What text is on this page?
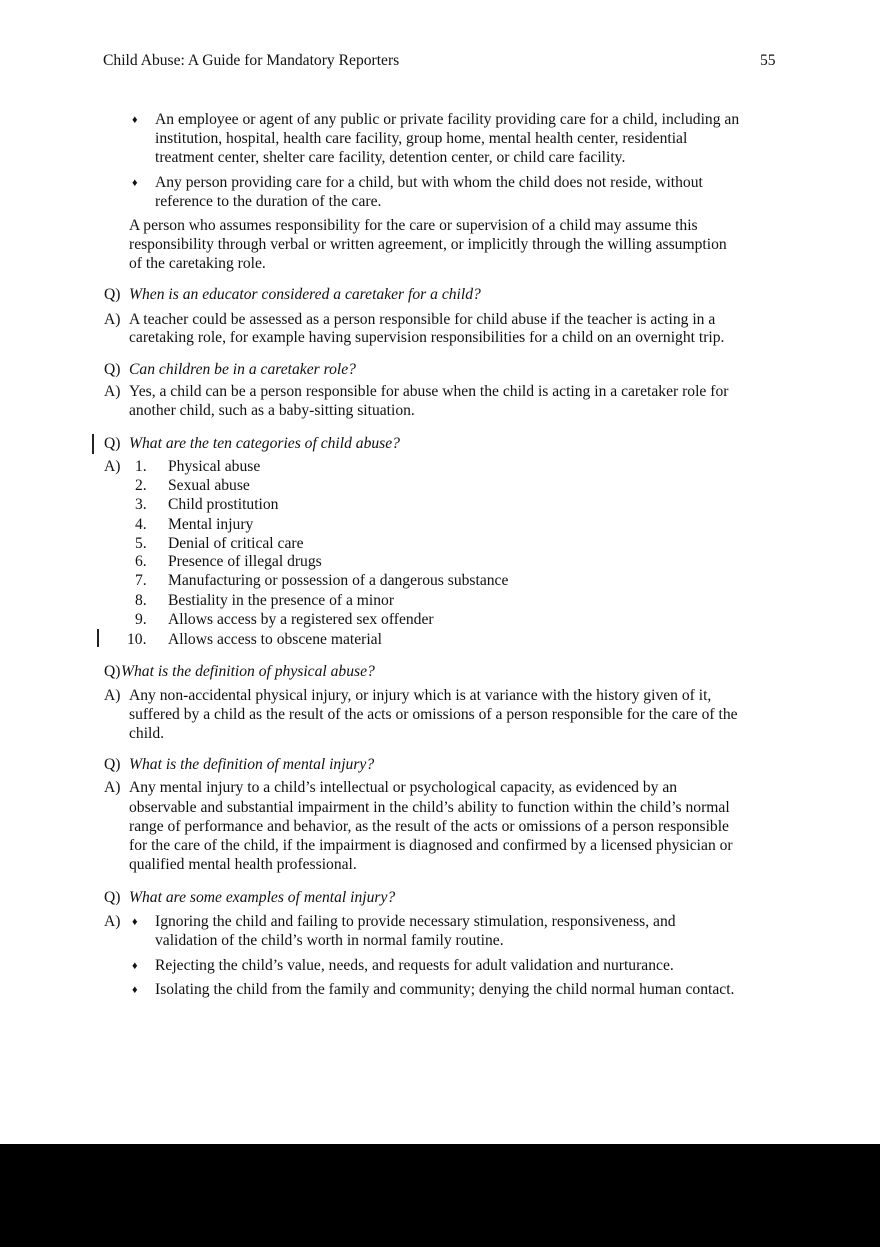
Child Abuse: A Guide for Mandatory Reporters	55
♦ An employee or agent of any public or private facility providing care for a child, including an
institution, hospital, health care facility, group home, mental health center, residential
treatment center, shelter care facility, detention center, or child care facility.
♦ Any person providing care for a child, but with whom the child does not reside, without
reference to the duration of the care.
A person who assumes responsibility for the care or supervision of a child may assume this
responsibility through verbal or written agreement, or implicitly through the willing assumption
of the caretaking role.
Q) When is an educator considered a caretaker for a child?
A) A teacher could be assessed as a person responsible for child abuse if the teacher is acting in a
caretaking role, for example having supervision responsibilities for a child on an overnight trip.
Q) Can children be in a caretaker role?
A) Yes, a child can be a person responsible for abuse when the child is acting in a caretaker role for
another child, such as a baby-sitting situation.
Q) What are the ten categories of child abuse?
A) 1. Physical abuse
2. Sexual abuse
3. Child prostitution
4. Mental injury
5. Denial of critical care
6. Presence of illegal drugs
7. Manufacturing or possession of a dangerous substance
8. Bestiality in the presence of a minor
9. Allows access by a registered sex offender
10. Allows access to obscene material
Q) What is the definition of physical abuse?
A) Any non-accidental physical injury, or injury which is at variance with the history given of it,
suffered by a child as the result of the acts or omissions of a person responsible for the care of the
child.
Q) What is the definition of mental injury?
A) Any mental injury to a child’s intellectual or psychological capacity, as evidenced by an
observable and substantial impairment in the child’s ability to function within the child’s normal
range of performance and behavior, as the result of the acts or omissions of a person responsible
for the care of the child, if the impairment is diagnosed and confirmed by a licensed physician or
qualified mental health professional.
Q) What are some examples of mental injury?
A) ♦ Ignoring the child and failing to provide necessary stimulation, responsiveness, and
validation of the child’s worth in normal family routine.
♦ Rejecting the child’s value, needs, and requests for adult validation and nurturance.
♦ Isolating the child from the family and community; denying the child normal human contact.
